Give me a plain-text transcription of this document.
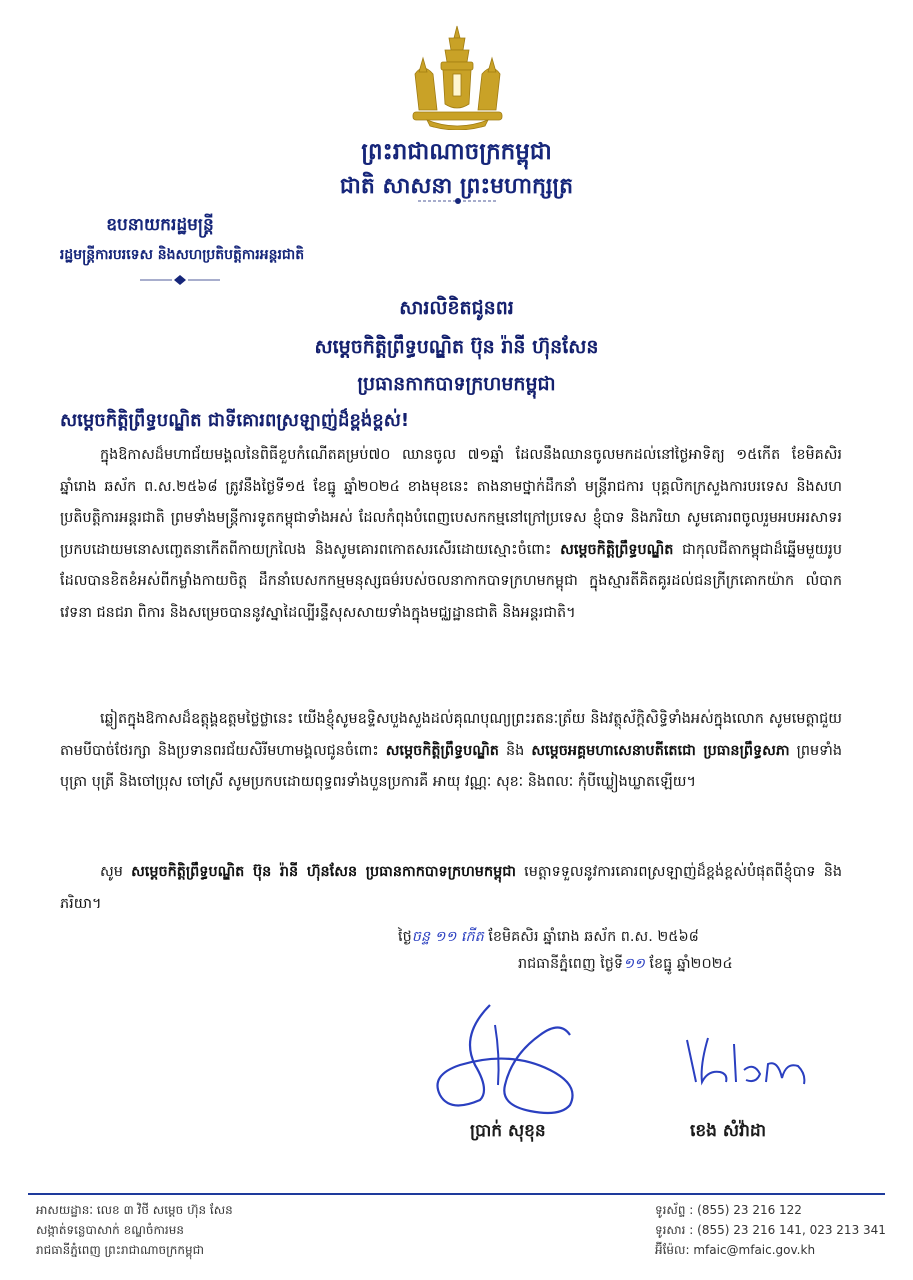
ព្រះរាជាណាចក្រកម្ពុជា
ជាតិ សាសនា ព្រះមហាក្សត្រ
ឧបនាយករដ្ឋមន្ត្រី
រដ្ឋមន្ត្រីការបរទេស និងសហប្រតិបត្តិការអន្តរជាតិ
សារលិខិតជូនពរ
សម្តេចកិត្តិព្រឹទ្ធបណ្ឌិត ប៊ុន រ៉ានី ហ៊ុនសែន
ប្រធានកាកបាទក្រហមកម្ពុជា
សម្តេចកិត្តិព្រឹទ្ធបណ្ឌិត ជាទីគោរពស្រឡាញ់ដ៏ខ្ពង់ខ្ពស់!
ក្នុងឱកាសដ៏មហាជ័យមង្គលនៃពិធីខួបកំណើតគម្រប់៧០ ឈានចូល ៧១ឆ្នាំ ដែលនឹងឈានចូលមកដល់នៅថ្ងៃអាទិត្យ ១៥កើត ខែមិគសិរ ឆ្នាំរោង ឆស័ក ព.ស.២៥៦៨ ត្រូវនឹងថ្ងៃទី១៥ ខែធ្នូ ឆ្នាំ២០២៤ ខាងមុខនេះ តាងនាមថ្នាក់ដឹកនាំ មន្ត្រីរាជការ បុគ្គលិកក្រសួងការបរទេស និងសហប្រតិបត្តិការអន្តរជាតិ ព្រមទាំងមន្ត្រីការទូតកម្ពុជាទាំងអស់ ដែលកំពុងបំពេញបេសកកម្មនៅក្រៅប្រទេស ខ្ញុំបាទ និងភរិយា សូមគោរពចូលរួមអបអរសាទរប្រកបដោយមនោសញ្ចេតនាកើតពីកាយក្រលៃង និងសូមគោរពកោតសរសើរដោយស្មោះចំពោះ សម្តេចកិត្តិព្រឹទ្ធបណ្ឌិត ជាកុលជីតាកម្ពុជាដ៏ឆ្នើមមួយរូប ដែលបានខិតខំអស់ពីកម្លាំងកាយចិត្ត ដឹកនាំបេសកកម្មមនុស្សធម៌របស់ចលនាកាកបាទក្រហមកម្ពុជា ក្នុងស្មារតីគិតគូរដល់ជនក្រីក្រគោកយ៉ាក លំបាកវេទនា ជនជរា ពិការ និងសម្រេចបាននូវស្នាដៃល្បីរន្ទឺសុសសាយទាំងក្នុងមជ្ឈដ្ឋានជាតិ និងអន្តរជាតិ។
ឆ្លៀតក្នុងឱកាសដ៏ឧត្តុង្គឧត្តមថ្លៃថ្លានេះ យើងខ្ញុំសូមឧទ្ទិសបួងសួងដល់គុណបុណ្យព្រះរតនៈត្រ័យ និងវត្ថុស័ក្តិសិទ្ធិទាំងអស់ក្នុងលោក សូមមេត្តាជួយតាមបីបាច់ថែរក្សា និងប្រទានពរជ័យសិរីមហាមង្គលជូនចំពោះ សម្តេចកិត្តិព្រឹទ្ធបណ្ឌិត និង សម្តេចអគ្គមហាសេនាបតីតេជោ ប្រធានព្រឹទ្ធសភា ព្រមទាំងបុត្រា បុត្រី និងចៅប្រុស ចៅស្រី សូមប្រកបដោយពុទ្ធពរទាំងបួនប្រការគឺ អាយុ វណ្ណៈ សុខៈ និងពលៈ កុំបីឃ្លៀងឃ្លាតឡើយ។
សូម សម្តេចកិត្តិព្រឹទ្ធបណ្ឌិត ប៊ុន រ៉ានី ហ៊ុនសែន ប្រធានកាកបាទក្រហមកម្ពុជា មេត្តាទទួលនូវការគោរពស្រឡាញ់ដ៏ខ្ពង់ខ្ពស់បំផុតពីខ្ញុំបាទ និងភរិយា។
ថ្ងៃចន្ទ ១១ កើត ខែមិគសិរ ឆ្នាំរោង ឆស័ក ព.ស. ២៥៦៨
រាជធានីភ្នំពេញ ថ្ងៃទី១១ ខែធ្នូ ឆ្នាំ២០២៤
ប្រាក់ សុខុន	ខេង សំវ៉ាដា
អាសយដ្ឋានៈ លេខ ៣ វិថី សម្តេច ហ៊ុន សែន
សង្កាត់ទន្លេបាសាក់ ខណ្ឌចំការមន
រាជធានីភ្នំពេញ ព្រះរាជាណាចក្រកម្ពុជា
ទូរស័ព្ទ : (855) 23 216 122
ទូរសារ : (855) 23 216 141, 023 213 341
អ៊ីម៉ែល: mfaic@mfaic.gov.kh
